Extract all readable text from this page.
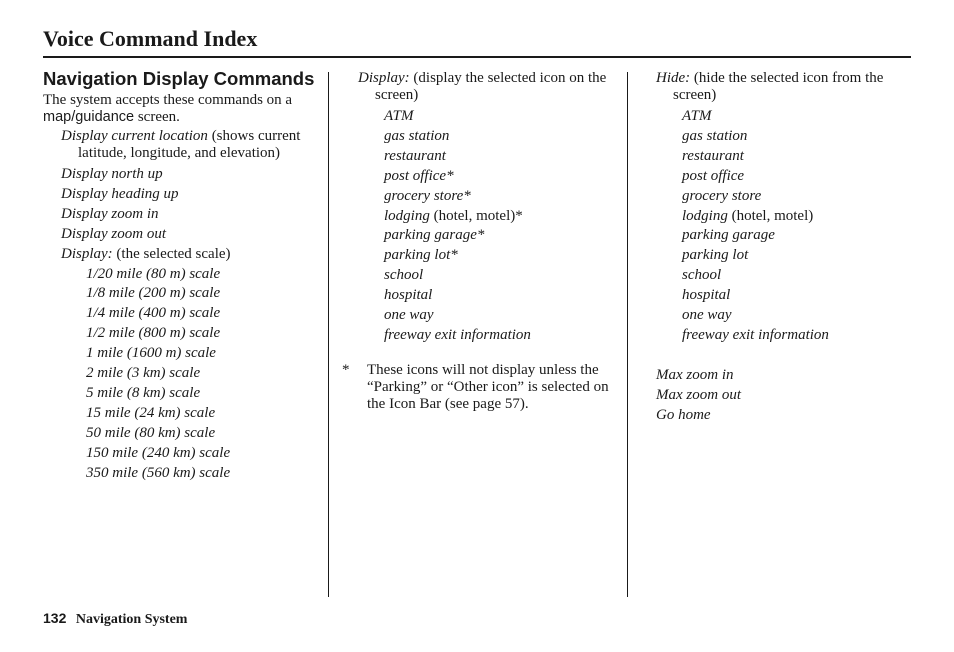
Voice Command Index
Navigation Display Commands
The system accepts these commands on a map/guidance screen.
Display current location (shows current latitude, longitude, and elevation)
Display north up
Display heading up
Display zoom in
Display zoom out
Display: (the selected scale)
1/20 mile (80 m) scale
1/8 mile (200 m) scale
1/4 mile (400 m) scale
1/2 mile (800 m) scale
1 mile (1600 m) scale
2 mile (3 km) scale
5 mile (8 km) scale
15 mile (24 km) scale
50 mile (80 km) scale
150 mile (240 km) scale
350 mile (560 km) scale
Display: (display the selected icon on the screen)
ATM
gas station
restaurant
post office*
grocery store*
lodging (hotel, motel)*
parking garage*
parking lot*
school
hospital
one way
freeway exit information
* These icons will not display unless the “Parking” or “Other icon” is selected on the Icon Bar (see page 57).
Hide: (hide the selected icon from the screen)
ATM
gas station
restaurant
post office
grocery store
lodging (hotel, motel)
parking garage
parking lot
school
hospital
one way
freeway exit information
Max zoom in
Max zoom out
Go home
132 Navigation System
